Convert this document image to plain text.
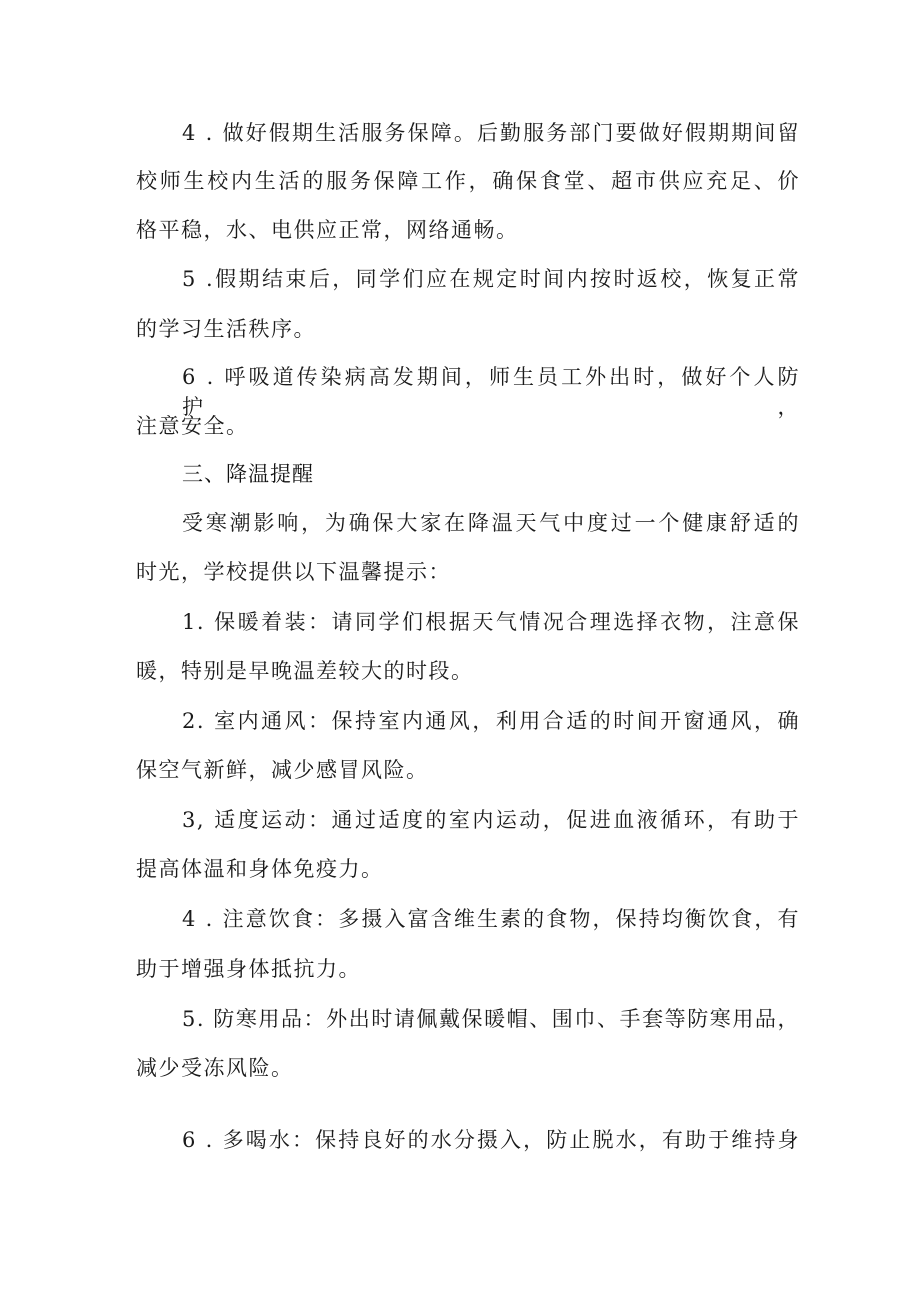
4 . 做好假期生活服务保障。后勤服务部门要做好假期期间留
校师生校内生活的服务保障工作，确保食堂、超市供应充足、价
格平稳，水、电供应正常，网络通畅。
5 .假期结束后，同学们应在规定时间内按时返校，恢复正常
的学习生活秩序。
6 . 呼吸道传染病高发期间，师生员工外出时，做好个人防护，
注意安全。
三、降温提醒
受寒潮影响，为确保大家在降温天气中度过一个健康舒适的
时光，学校提供以下温馨提示：
1. 保暖着装：请同学们根据天气情况合理选择衣物，注意保
暖，特别是早晚温差较大的时段。
2. 室内通风：保持室内通风，利用合适的时间开窗通风，确
保空气新鲜，减少感冒风险。
3, 适度运动：通过适度的室内运动，促进血液循环，有助于
提高体温和身体免疫力。
4 . 注意饮食：多摄入富含维生素的食物，保持均衡饮食，有
助于增强身体抵抗力。
5. 防寒用品：外出时请佩戴保暖帽、围巾、手套等防寒用品，
减少受冻风险。
6 . 多喝水：保持良好的水分摄入，防止脱水，有助于维持身
